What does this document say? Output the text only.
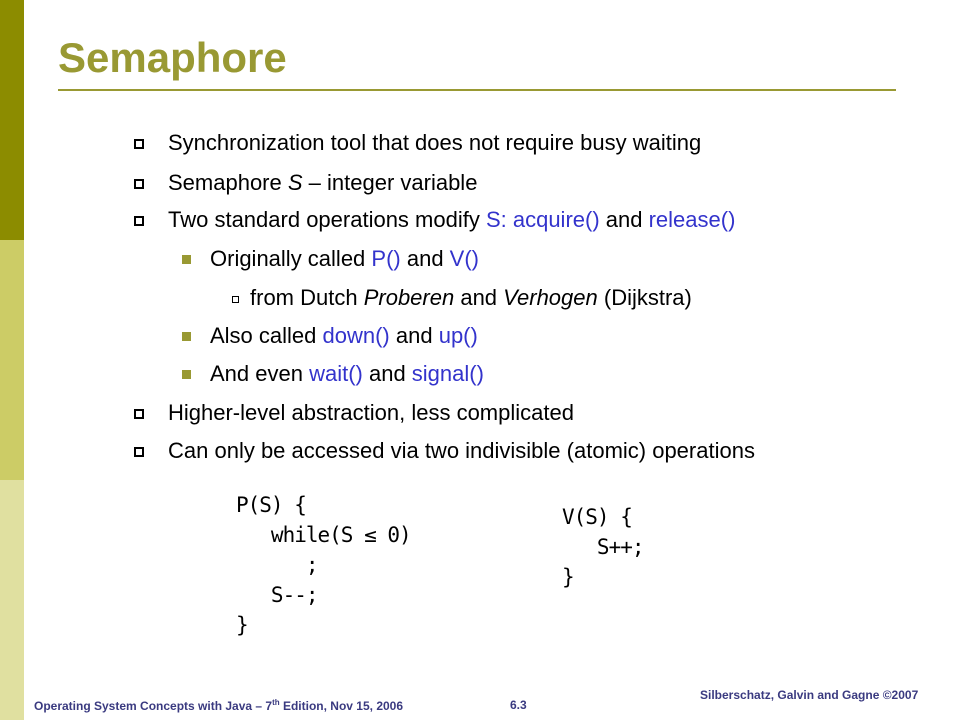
Semaphore
Synchronization tool that does not require busy waiting
Semaphore S – integer variable
Two standard operations modify S: acquire() and release()
Originally called P() and V()
from Dutch Proberen and Verhogen (Dijkstra)
Also called down() and up()
And even wait() and signal()
Higher-level abstraction, less complicated
Can only be accessed via two indivisible (atomic) operations
P(S) {
while(S ≤ 0)
;
S--;
}
V(S) {
S++;
}
Operating System Concepts with Java – 7th Edition, Nov 15, 2006	6.3
Silberschatz, Galvin and Gagne ©2007
